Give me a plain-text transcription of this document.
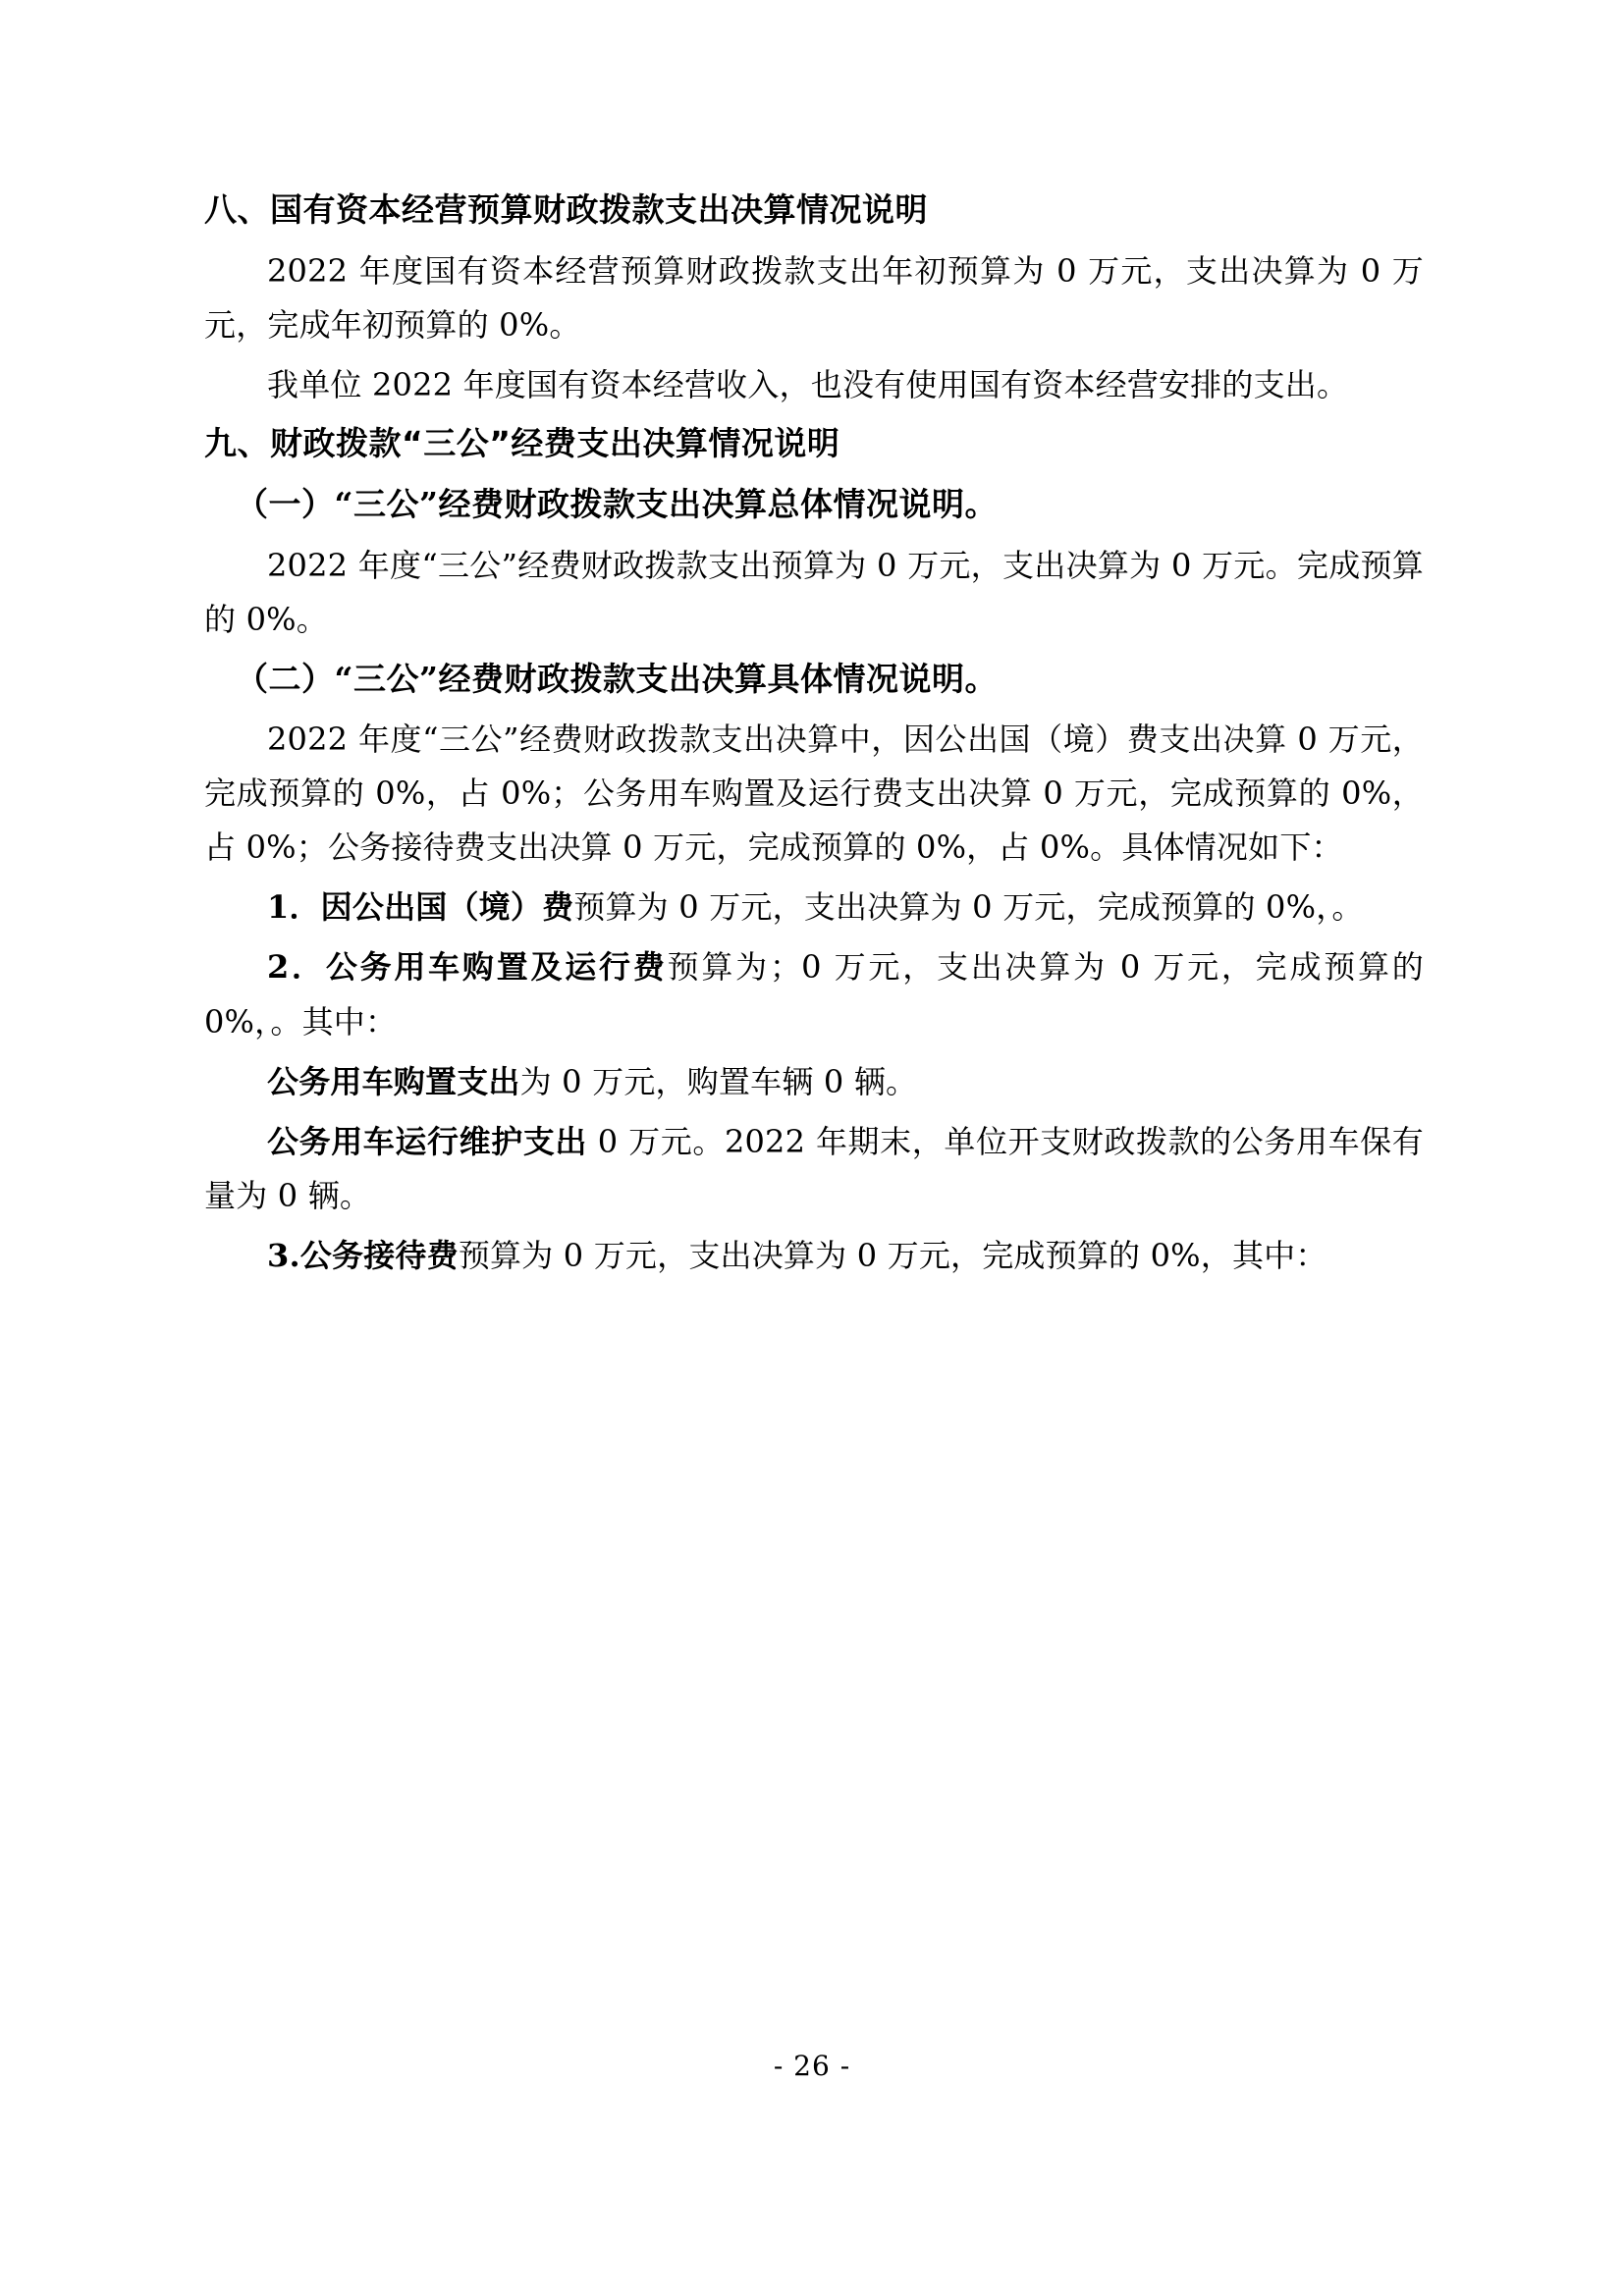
八、国有资本经营预算财政拨款支出决算情况说明

2022 年度国有资本经营预算财政拨款支出年初预算为 0 万元，支出决算为 0 万元，完成年初预算的 0%。

我单位 2022 年度国有资本经营收入，也没有使用国有资本经营安排的支出。

九、财政拨款“三公”经费支出决算情况说明
（一）“三公”经费财政拨款支出决算总体情况说明。

2022 年度“三公”经费财政拨款支出预算为 0 万元，支出决算为 0 万元。完成预算的 0%。

（二）“三公”经费财政拨款支出决算具体情况说明。

2022 年度“三公”经费财政拨款支出决算中，因公出国（境）费支出决算 0 万元，完成预算的 0%，占 0%；公务用车购置及运行费支出决算 0 万元，完成预算的 0%，占 0%；公务接待费支出决算 0 万元，完成预算的 0%，占 0%。具体情况如下：

1．因公出国（境）费预算为 0 万元，支出决算为 0 万元，完成预算的 0%，。

2．公务用车购置及运行费预算为；0 万元，支出决算为 0 万元，完成预算的 0%，。其中：

公务用车购置支出为 0 万元，购置车辆 0 辆。

公务用车运行维护支出 0 万元。2022 年期末，单位开支财政拨款的公务用车保有量为 0 辆。

3.公务接待费预算为 0 万元，支出决算为 0 万元，完成预算的 0%，其中：

- 26 -
